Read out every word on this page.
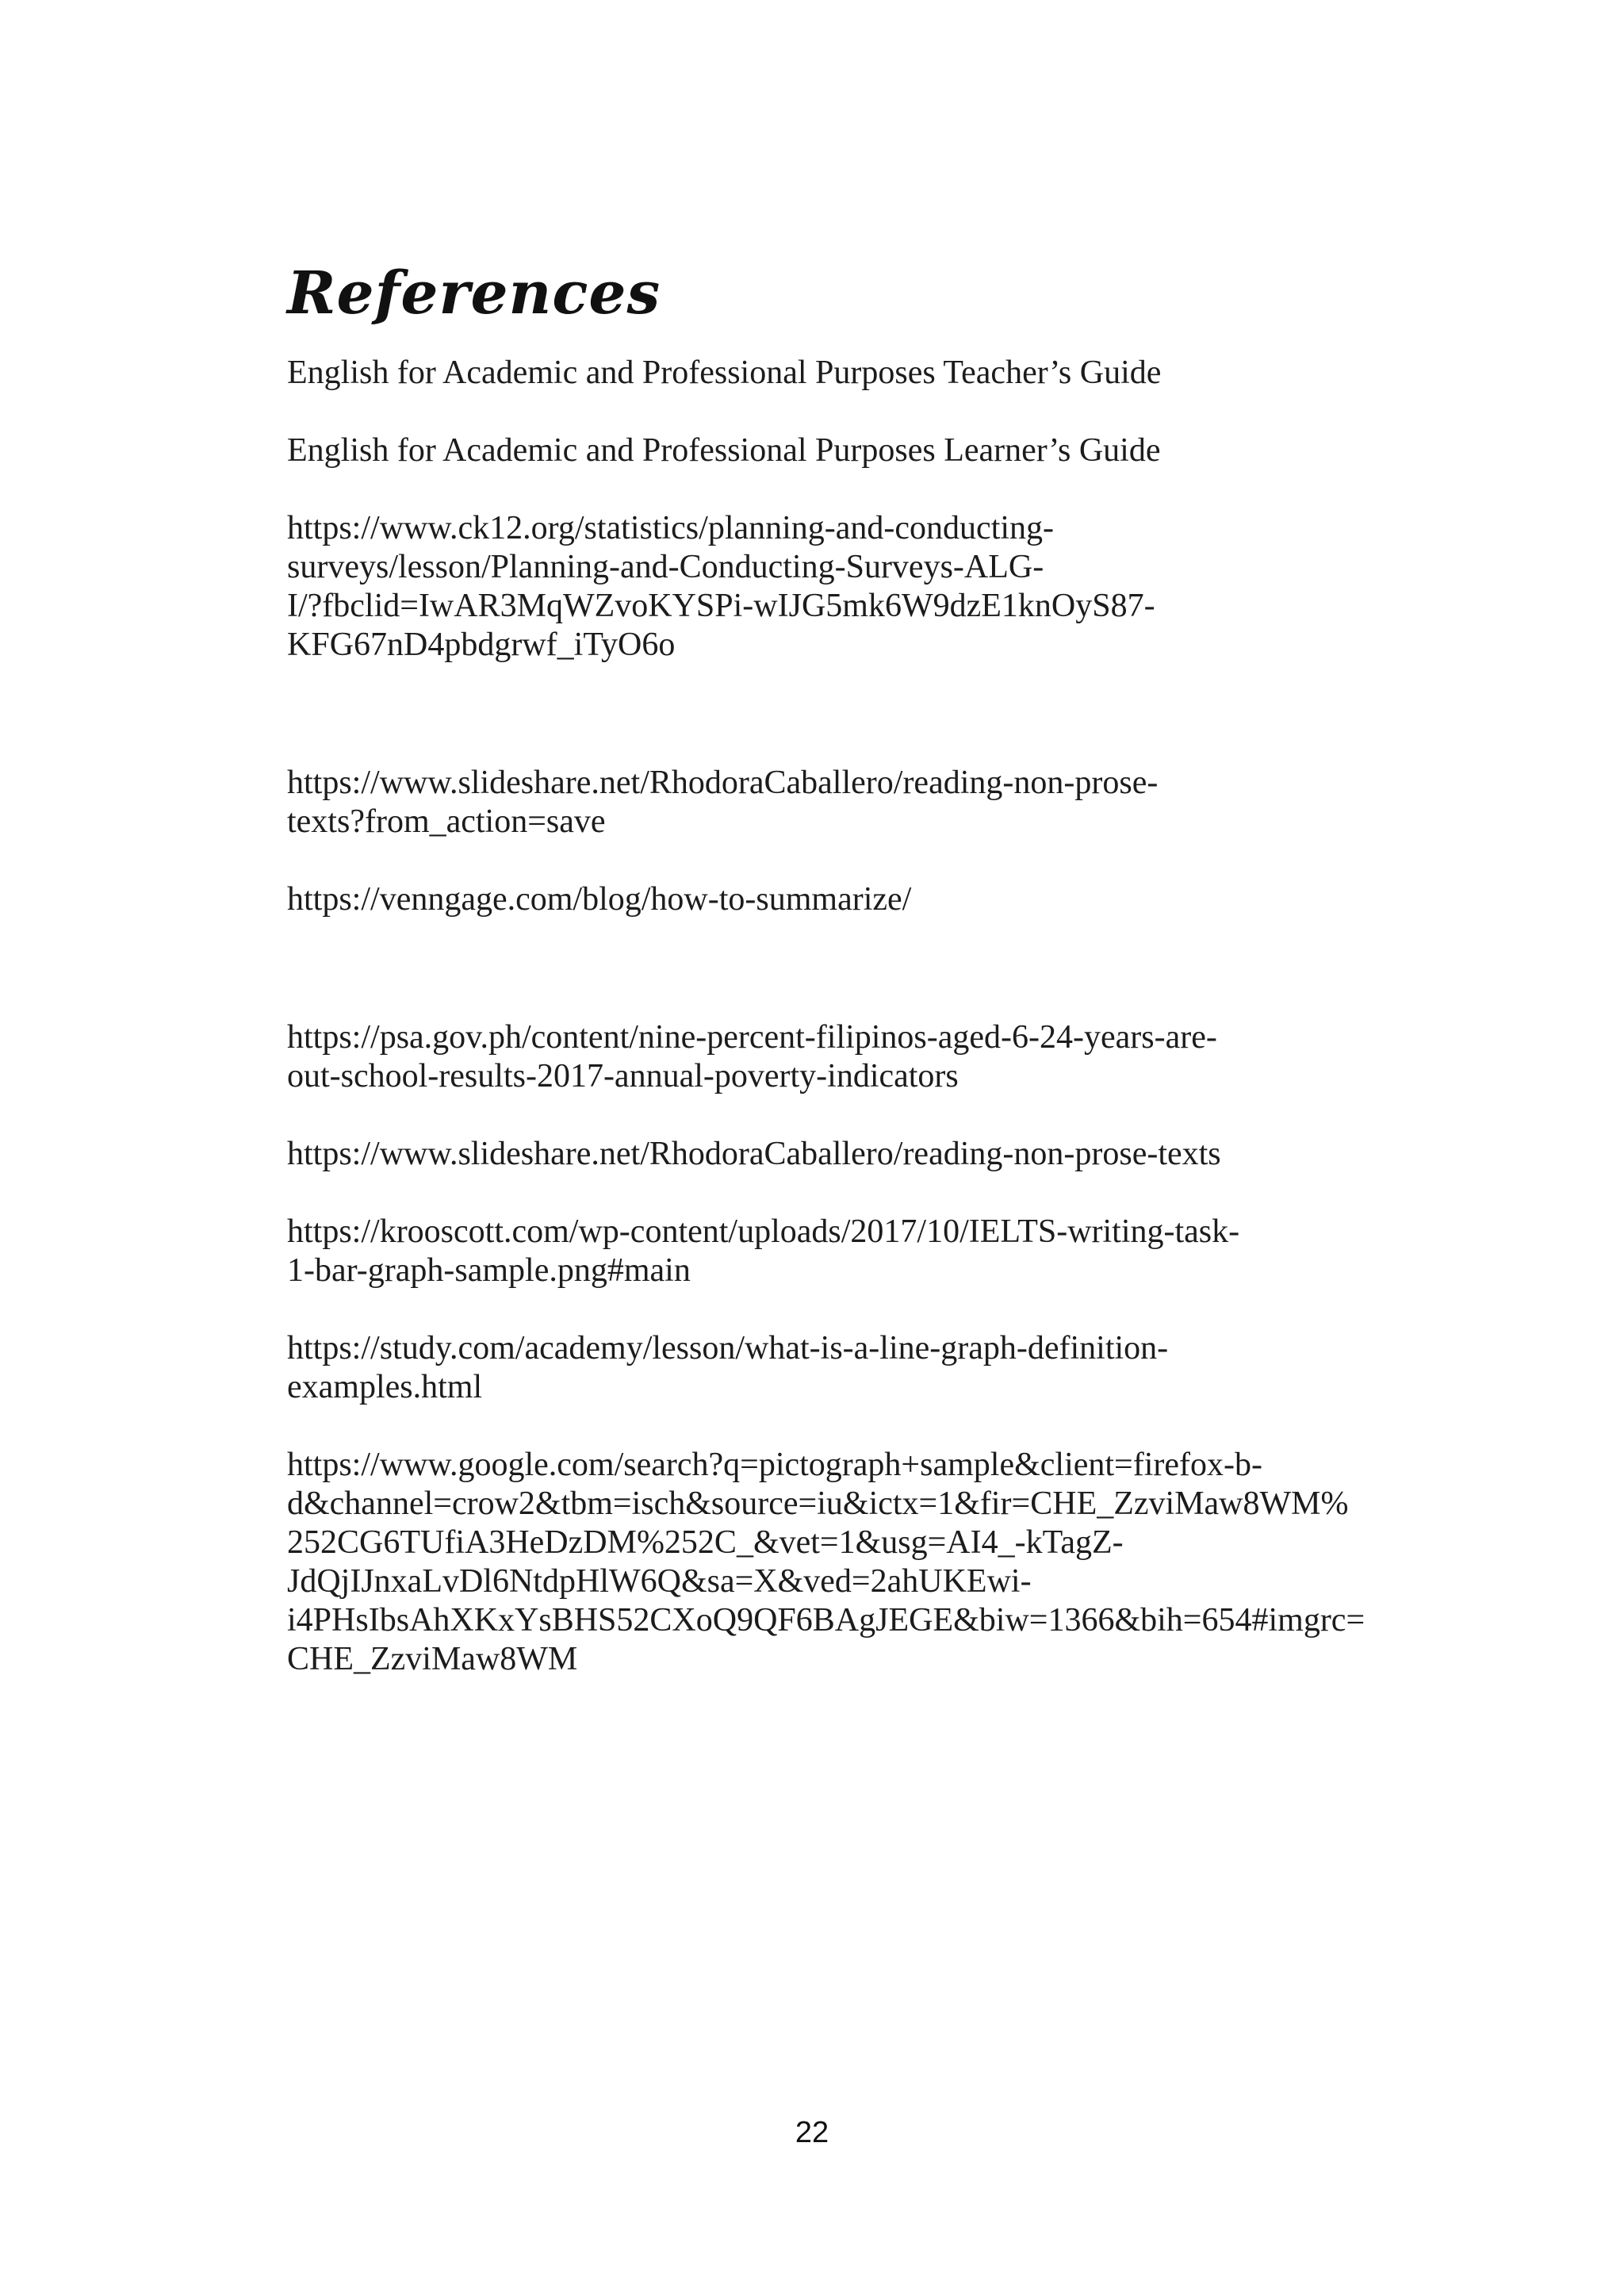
References

English for Academic and Professional Purposes Teacher’s Guide

English for Academic and Professional Purposes Learner’s Guide

https://www.ck12.org/statistics/planning-and-conducting-
surveys/lesson/Planning-and-Conducting-Surveys-ALG-
I/?fbclid=IwAR3MqWZvoKYSPi-wIJG5mk6W9dzE1knOyS87-
KFG67nD4pbdgrwf_iTyO6o

https://www.slideshare.net/RhodoraCaballero/reading-non-prose-
texts?from_action=save

https://venngage.com/blog/how-to-summarize/

https://psa.gov.ph/content/nine-percent-filipinos-aged-6-24-years-are-
out-school-results-2017-annual-poverty-indicators

https://www.slideshare.net/RhodoraCaballero/reading-non-prose-texts

https://krooscott.com/wp-content/uploads/2017/10/IELTS-writing-task-
1-bar-graph-sample.png#main

https://study.com/academy/lesson/what-is-a-line-graph-definition-
examples.html

https://www.google.com/search?q=pictograph+sample&client=firefox-b-
d&channel=crow2&tbm=isch&source=iu&ictx=1&fir=CHE_ZzviMaw8WM%
252CG6TUfiA3HeDzDM%252C_&vet=1&usg=AI4_-kTagZ-
JdQjIJnxaLvDl6NtdpHlW6Q&sa=X&ved=2ahUKEwi-
i4PHsIbsAhXKxYsBHS52CXoQ9QF6BAgJEGE&biw=1366&bih=654#imgrc=
CHE_ZzviMaw8WM

22
